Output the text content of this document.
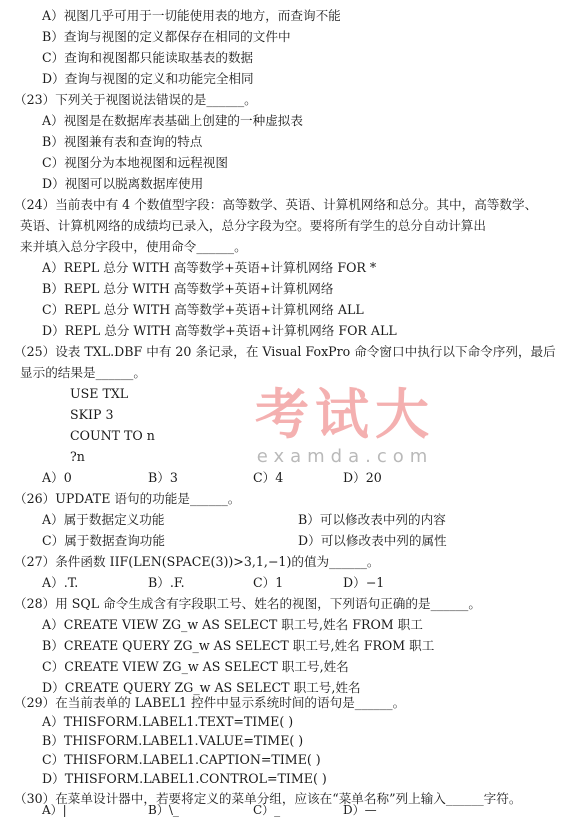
A）视图几乎可用于一切能使用表的地方，而查询不能
B）查询与视图的定义都保存在相同的文件中
C）查询和视图都只能读取基表的数据
D）查询与视图的定义和功能完全相同
（23）下列关于视图说法错误的是______。
A）视图是在数据库表基础上创建的一种虚拟表
B）视图兼有表和查询的特点
C）视图分为本地视图和远程视图
D）视图可以脱离数据库使用
（24）当前表中有 4 个数值型字段：高等数学、英语、计算机网络和总分。其中，高等数学、
英语、计算机网络的成绩均已录入，总分字段为空。要将所有学生的总分自动计算出
来并填入总分字段中，使用命令______。
A）REPL 总分 WITH 高等数学+英语+计算机网络 FOR *
B）REPL 总分 WITH 高等数学+英语+计算机网络
C）REPL 总分 WITH 高等数学+英语+计算机网络 ALL
D）REPL 总分 WITH 高等数学+英语+计算机网络 FOR ALL
（25）设表 TXL.DBF 中有 20 条记录，在 Visual FoxPro 命令窗口中执行以下命令序列，最后
显示的结果是______。
USE TXL
SKIP 3
COUNT TO n
?n
A）0	B）3	C）4	D）20
（26）UPDATE 语句的功能是______。
A）属于数据定义功能	B）可以修改表中列的内容
C）属于数据查询功能	D）可以修改表中列的属性
（27）条件函数 IIF(LEN(SPACE(3))>3,1,−1)的值为______。
A）.T.	B）.F.	C）1	D）−1
（28）用 SQL 命令生成含有字段职工号、姓名的视图，下列语句正确的是______。
A）CREATE VIEW ZG_w AS SELECT 职工号,姓名 FROM 职工
B）CREATE QUERY ZG_w AS SELECT 职工号,姓名 FROM 职工
C）CREATE VIEW ZG_w AS SELECT 职工号,姓名
D）CREATE QUERY ZG_w AS SELECT 职工号,姓名
（29）在当前表单的 LABEL1 控件中显示系统时间的语句是______。
A）THISFORM.LABEL1.TEXT=TIME( )
B）THISFORM.LABEL1.VALUE=TIME( )
C）THISFORM.LABEL1.CAPTION=TIME( )
D）THISFORM.LABEL1.CONTROL=TIME( )
（30）在菜单设计器中，若要将定义的菜单分组，应该在“菜单名称”列上输入______字符。
A）|	B）\_	C）_	D）—
考试大
examda.com
